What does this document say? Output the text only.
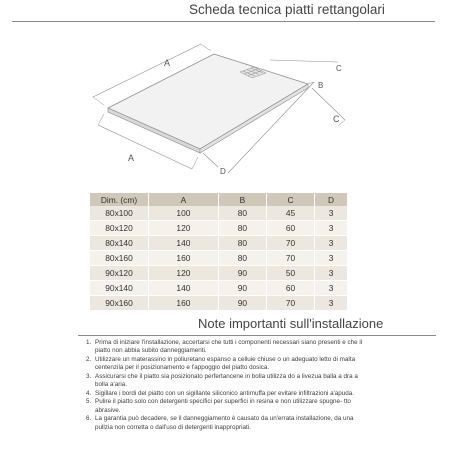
Scheda tecnica piatti rettangolari
A
A
B
C
C
D
Dim. (cm)	A	B	C	D
80x100	100	80	45	3
80x120	120	80	60	3
80x140	140	80	70	3
80x160	160	80	70	3
90x120	120	90	50	3
90x140	140	90	60	3
90x160	160	90	70	3
Note importanti sull'installazione
1. Prima di iniziare l'installazione, accertarsi che tutti i componenti necessari siano presenti e che il piatto non abbia subito danneggiamenti.
2. Utilizzare un materassino in poliuretano espanso a celluie chiuse o un adeguato letto di malta centenzila per il posizionamento e l'appoggio del piatto dosica.
3. Assicurarsi che il piatto sia posizionato perfertancene in bolla utilizza do a livezua balla a dra a bolla a'aria.
4. Sigillare i bordi del piatto con un sigillante siliconico antimuffa per evitare infiltrazioni a'apuda.
5. Pulire il piatto solo con detergenti specifici per superfici in resina e non utilizzare spugne- tto abrasive.
6. La garantia può decadere, se il danneggiamento è causato da un'errata installazione, da una pullzia non corretta o dall'uso di detergenti inappropriati.
